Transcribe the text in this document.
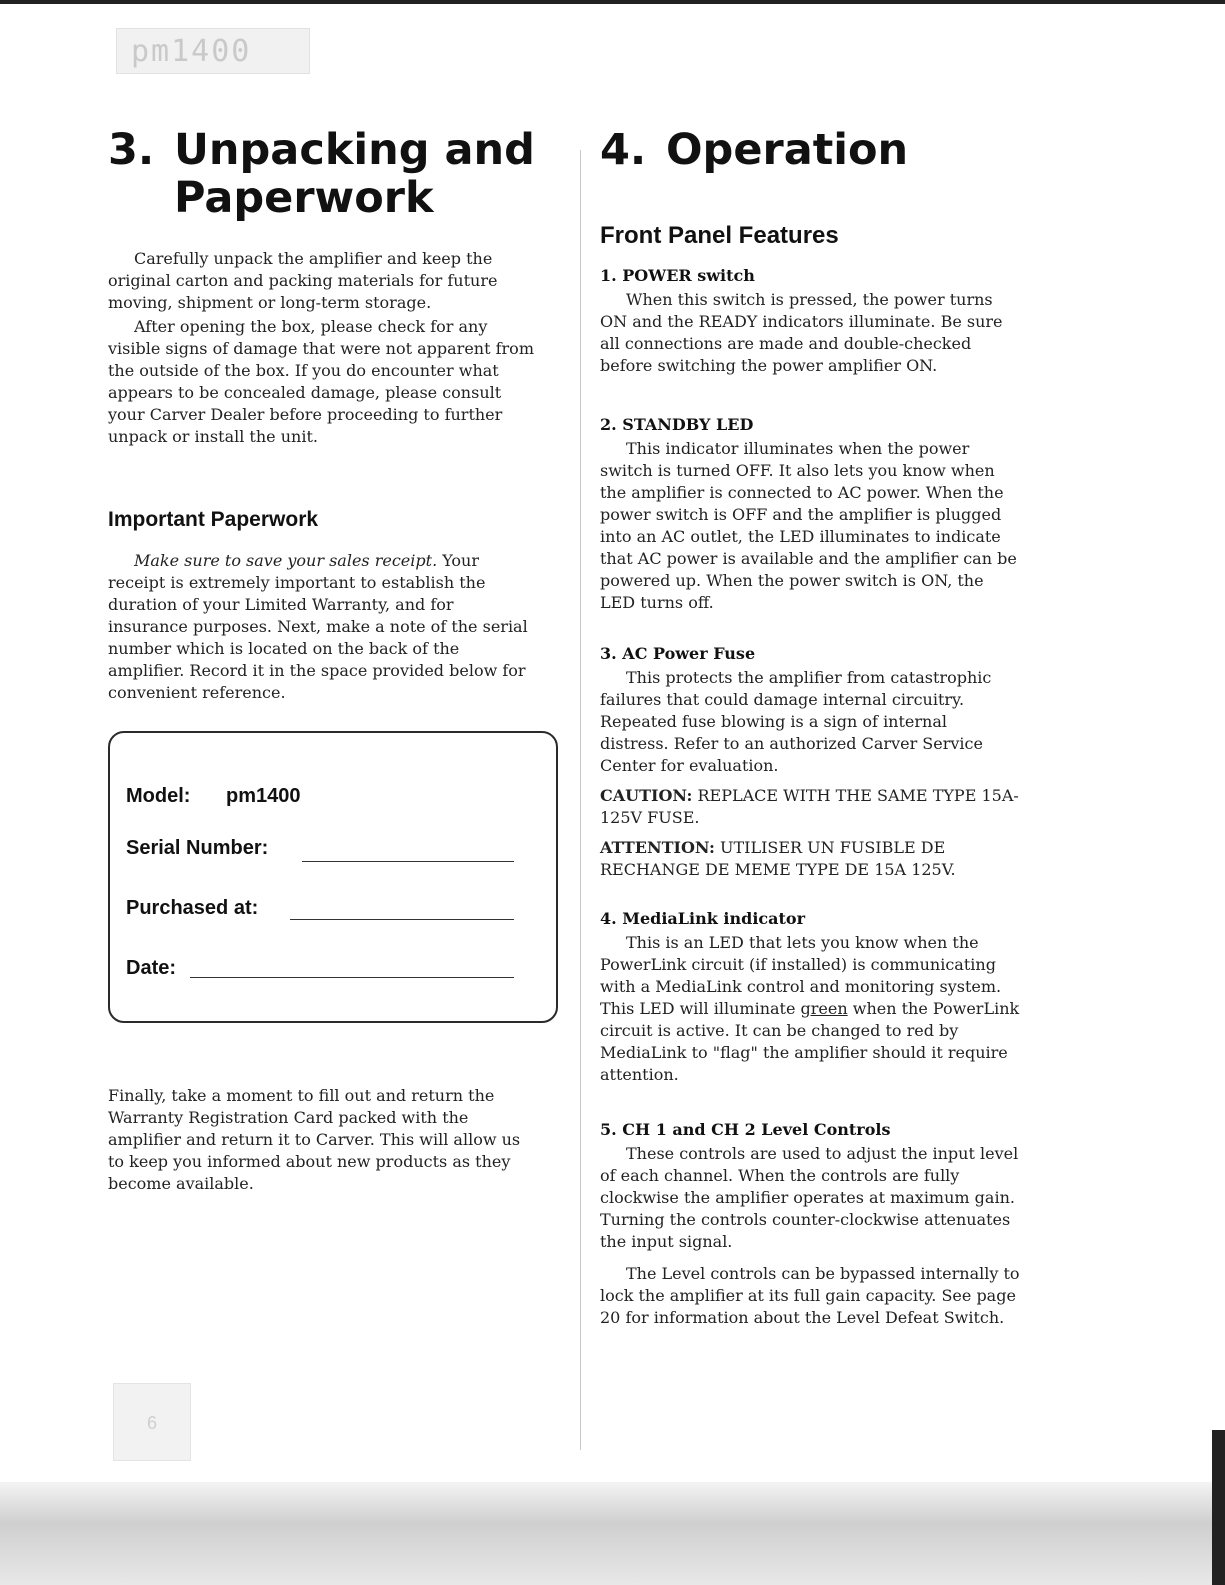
pm1400
3. Unpacking and
Paperwork

Carefully unpack the amplifier and keep the original carton and packing materials for future moving, shipment or long-term storage.

After opening the box, please check for any visible signs of damage that were not apparent from the outside of the box. If you do encounter what appears to be concealed damage, please consult your Carver Dealer before proceeding to further unpack or install the unit.

Important Paperwork

Make sure to save your sales receipt. Your receipt is extremely important to establish the duration of your Limited Warranty, and for insurance purposes. Next, make a note of the serial number which is located on the back of the amplifier. Record it in the space provided below for convenient reference.

Model: pm1400
Serial Number:
Purchased at:
Date:

Finally, take a moment to fill out and return the Warranty Registration Card packed with the amplifier and return it to Carver. This will allow us to keep you informed about new products as they become available.

4. Operation
Front Panel Features
1. POWER switch

When this switch is pressed, the power turns ON and the READY indicators illuminate. Be sure all connections are made and double-checked before switching the power amplifier ON.

2. STANDBY LED

This indicator illuminates when the power switch is turned OFF. It also lets you know when the amplifier is connected to AC power. When the power switch is OFF and the amplifier is plugged into an AC outlet, the LED illuminates to indicate that AC power is available and the amplifier can be powered up. When the power switch is ON, the LED turns off.

3. AC Power Fuse

This protects the amplifier from catastrophic failures that could damage internal circuitry. Repeated fuse blowing is a sign of internal distress. Refer to an authorized Carver Service Center for evaluation.

CAUTION: REPLACE WITH THE SAME TYPE 15A-125V FUSE.

ATTENTION: UTILISER UN FUSIBLE DE RECHANGE DE MEME TYPE DE 15A 125V.

4. MediaLink indicator

This is an LED that lets you know when the PowerLink circuit (if installed) is communicating with a MediaLink control and monitoring system. This LED will illuminate green when the PowerLink circuit is active. It can be changed to red by MediaLink to "flag" the amplifier should it require attention.

5. CH 1 and CH 2 Level Controls

These controls are used to adjust the input level of each channel. When the controls are fully clockwise the amplifier operates at maximum gain. Turning the controls counter-clockwise attenuates the input signal.

The Level controls can be bypassed internally to lock the amplifier at its full gain capacity. See page 20 for information about the Level Defeat Switch.

6
